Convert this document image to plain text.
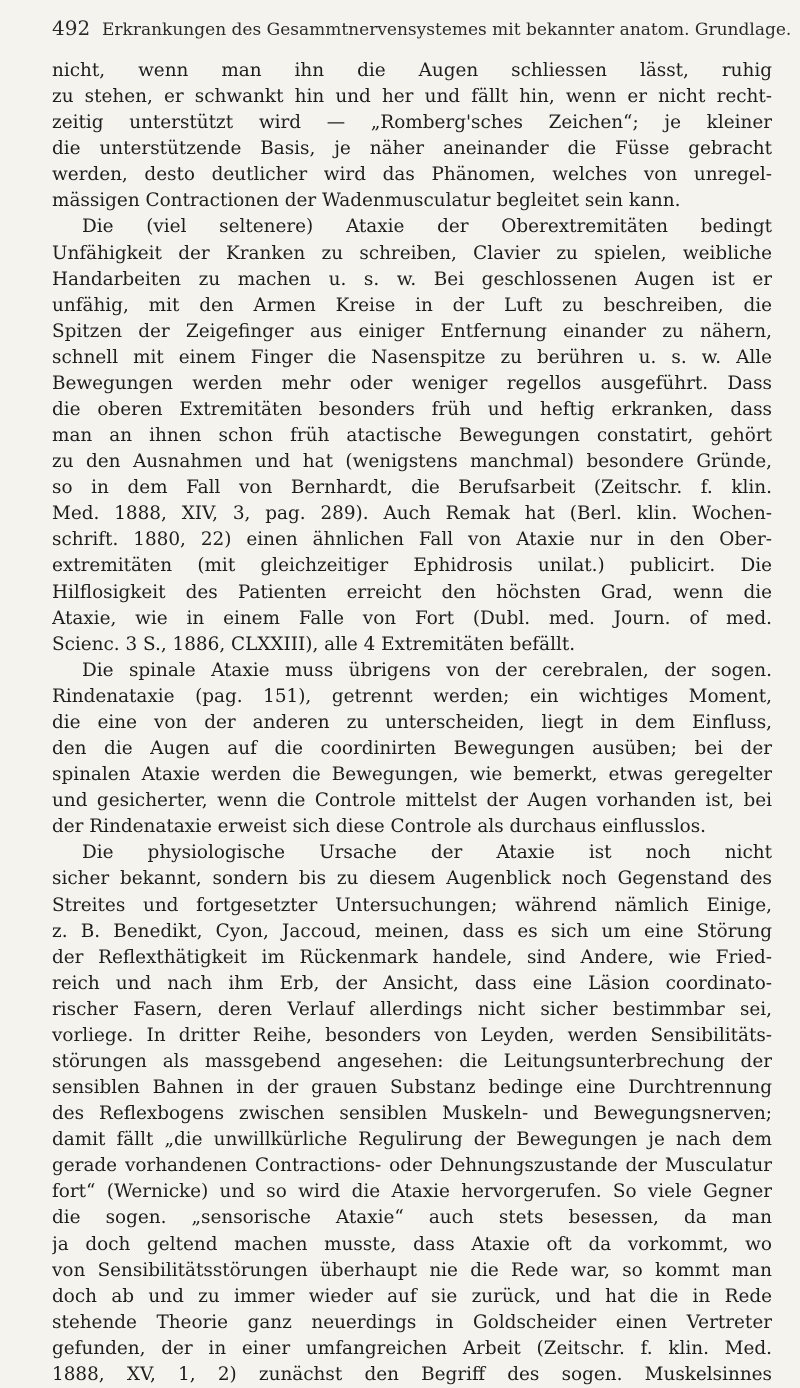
492 Erkrankungen des Gesammtnervensystemes mit bekannter anatom. Grundlage.
nicht, wenn man ihn die Augen schliessen lässt, ruhig
zu stehen, er schwankt hin und her und fällt hin, wenn er nicht recht-
zeitig unterstützt wird — „Romberg'sches Zeichen“; je kleiner
die unterstützende Basis, je näher aneinander die Füsse gebracht
werden, desto deutlicher wird das Phänomen, welches von unregel-
mässigen Contractionen der Wadenmusculatur begleitet sein kann.
Die (viel seltenere) Ataxie der Oberextremitäten bedingt
Unfähigkeit der Kranken zu schreiben, Clavier zu spielen, weibliche
Handarbeiten zu machen u. s. w. Bei geschlossenen Augen ist er
unfähig, mit den Armen Kreise in der Luft zu beschreiben, die
Spitzen der Zeigefinger aus einiger Entfernung einander zu nähern,
schnell mit einem Finger die Nasenspitze zu berühren u. s. w. Alle
Bewegungen werden mehr oder weniger regellos ausgeführt. Dass
die oberen Extremitäten besonders früh und heftig erkranken, dass
man an ihnen schon früh atactische Bewegungen constatirt, gehört
zu den Ausnahmen und hat (wenigstens manchmal) besondere Gründe,
so in dem Fall von Bernhardt, die Berufsarbeit (Zeitschr. f. klin.
Med. 1888, XIV, 3, pag. 289). Auch Remak hat (Berl. klin. Wochen-
schrift. 1880, 22) einen ähnlichen Fall von Ataxie nur in den Ober-
extremitäten (mit gleichzeitiger Ephidrosis unilat.) publicirt. Die
Hilflosigkeit des Patienten erreicht den höchsten Grad, wenn die
Ataxie, wie in einem Falle von Fort (Dubl. med. Journ. of med.
Scienc. 3 S., 1886, CLXXIII), alle 4 Extremitäten befällt.
Die spinale Ataxie muss übrigens von der cerebralen, der sogen.
Rindenataxie (pag. 151), getrennt werden; ein wichtiges Moment,
die eine von der anderen zu unterscheiden, liegt in dem Einfluss,
den die Augen auf die coordinirten Bewegungen ausüben; bei der
spinalen Ataxie werden die Bewegungen, wie bemerkt, etwas geregelter
und gesicherter, wenn die Controle mittelst der Augen vorhanden ist, bei
der Rindenataxie erweist sich diese Controle als durchaus einflusslos.
Die physiologische Ursache der Ataxie ist noch nicht
sicher bekannt, sondern bis zu diesem Augenblick noch Gegenstand des
Streites und fortgesetzter Untersuchungen; während nämlich Einige,
z. B. Benedikt, Cyon, Jaccoud, meinen, dass es sich um eine Störung
der Reflexthätigkeit im Rückenmark handele, sind Andere, wie Fried-
reich und nach ihm Erb, der Ansicht, dass eine Läsion coordinato-
rischer Fasern, deren Verlauf allerdings nicht sicher bestimmbar sei,
vorliege. In dritter Reihe, besonders von Leyden, werden Sensibilitäts-
störungen als massgebend angesehen: die Leitungsunterbrechung der
sensiblen Bahnen in der grauen Substanz bedinge eine Durchtrennung
des Reflexbogens zwischen sensiblen Muskeln- und Bewegungsnerven;
damit fällt „die unwillkürliche Regulirung der Bewegungen je nach dem
gerade vorhandenen Contractions- oder Dehnungszustande der Musculatur
fort“ (Wernicke) und so wird die Ataxie hervorgerufen. So viele Gegner
die sogen. „sensorische Ataxie“ auch stets besessen, da man
ja doch geltend machen musste, dass Ataxie oft da vorkommt, wo
von Sensibilitätsstörungen überhaupt nie die Rede war, so kommt man
doch ab und zu immer wieder auf sie zurück, und hat die in Rede
stehende Theorie ganz neuerdings in Goldscheider einen Vertreter
gefunden, der in einer umfangreichen Arbeit (Zeitschr. f. klin. Med.
1888, XV, 1, 2) zunächst den Begriff des sogen. Muskelsinnes
